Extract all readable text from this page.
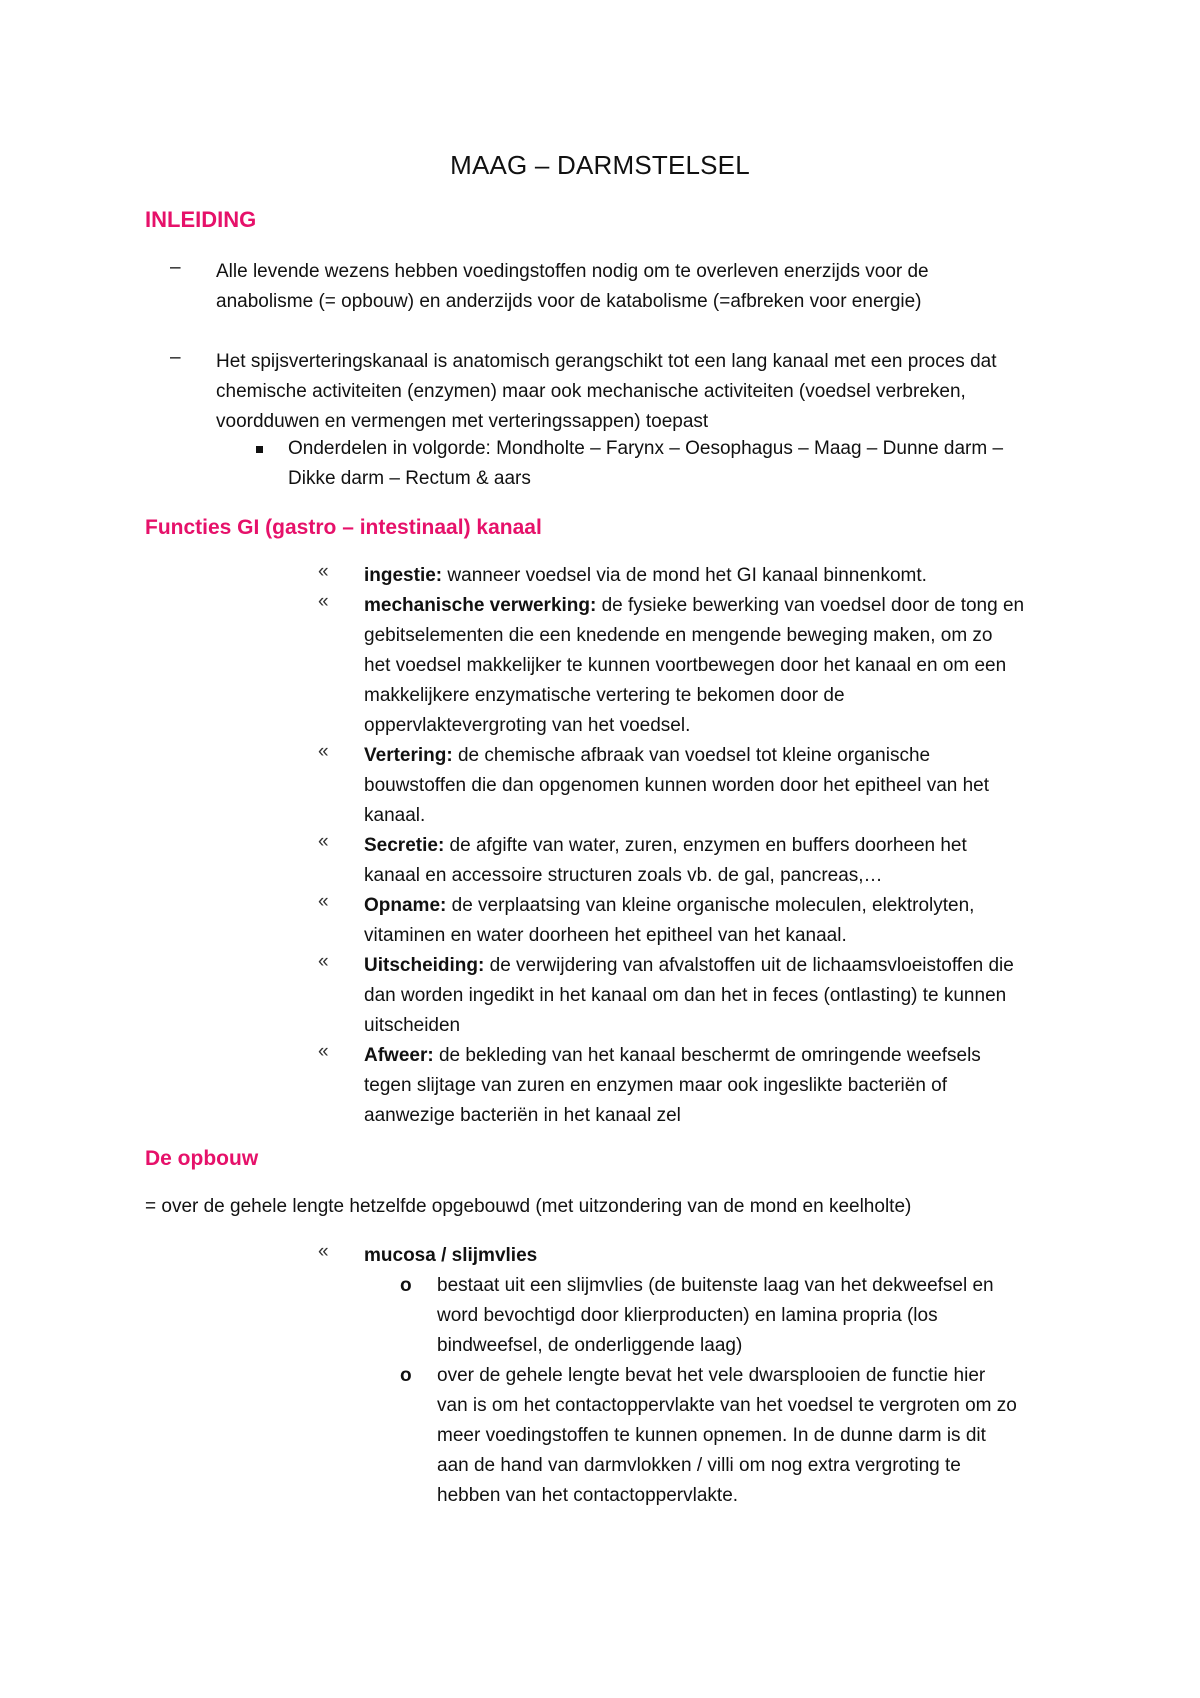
MAAG – DARMSTELSEL
INLEIDING
–	Alle levende wezens hebben voedingstoffen nodig om te overleven enerzijds voor de
anabolisme (= opbouw) en anderzijds voor de katabolisme (=afbreken voor energie)
–	Het spijsverteringskanaal is anatomisch gerangschikt tot een lang kanaal met een proces dat
chemische activiteiten (enzymen) maar ook mechanische activiteiten (voedsel verbreken,
voordduwen en vermengen met verteringssappen) toepast
Onderdelen in volgorde: Mondholte – Farynx – Oesophagus – Maag – Dunne darm –
Dikke darm – Rectum & aars
Functies GI (gastro – intestinaal) kanaal
« ingestie: wanneer voedsel via de mond het GI kanaal binnenkomt.
« mechanische verwerking: de fysieke bewerking van voedsel door de tong en
gebitselementen die een knedende en mengende beweging maken, om zo
het voedsel makkelijker te kunnen voortbewegen door het kanaal en om een
makkelijkere enzymatische vertering te bekomen door de
oppervlaktevergroting van het voedsel.
« Vertering: de chemische afbraak van voedsel tot kleine organische
bouwstoffen die dan opgenomen kunnen worden door het epitheel van het
kanaal.
« Secretie: de afgifte van water, zuren, enzymen en buffers doorheen het
kanaal en accessoire structuren zoals vb. de gal, pancreas,…
« Opname: de verplaatsing van kleine organische moleculen, elektrolyten,
vitaminen en water doorheen het epitheel van het kanaal.
« Uitscheiding: de verwijdering van afvalstoffen uit de lichaamsvloeistoffen die
dan worden ingedikt in het kanaal om dan het in feces (ontlasting) te kunnen
uitscheiden
« Afweer: de bekleding van het kanaal beschermt de omringende weefsels
tegen slijtage van zuren en enzymen maar ook ingeslikte bacteriën of
aanwezige bacteriën in het kanaal zel
De opbouw
= over de gehele lengte hetzelfde opgebouwd (met uitzondering van de mond en keelholte)
« mucosa / slijmvlies
o bestaat uit een slijmvlies (de buitenste laag van het dekweefsel en
word bevochtigd door klierproducten) en lamina propria (los
bindweefsel, de onderliggende laag)
o over de gehele lengte bevat het vele dwarsplooien de functie hier
van is om het contactoppervlakte van het voedsel te vergroten om zo
meer voedingstoffen te kunnen opnemen. In de dunne darm is dit
aan de hand van darmvlokken / villi om nog extra vergroting te
hebben van het contactoppervlakte.
